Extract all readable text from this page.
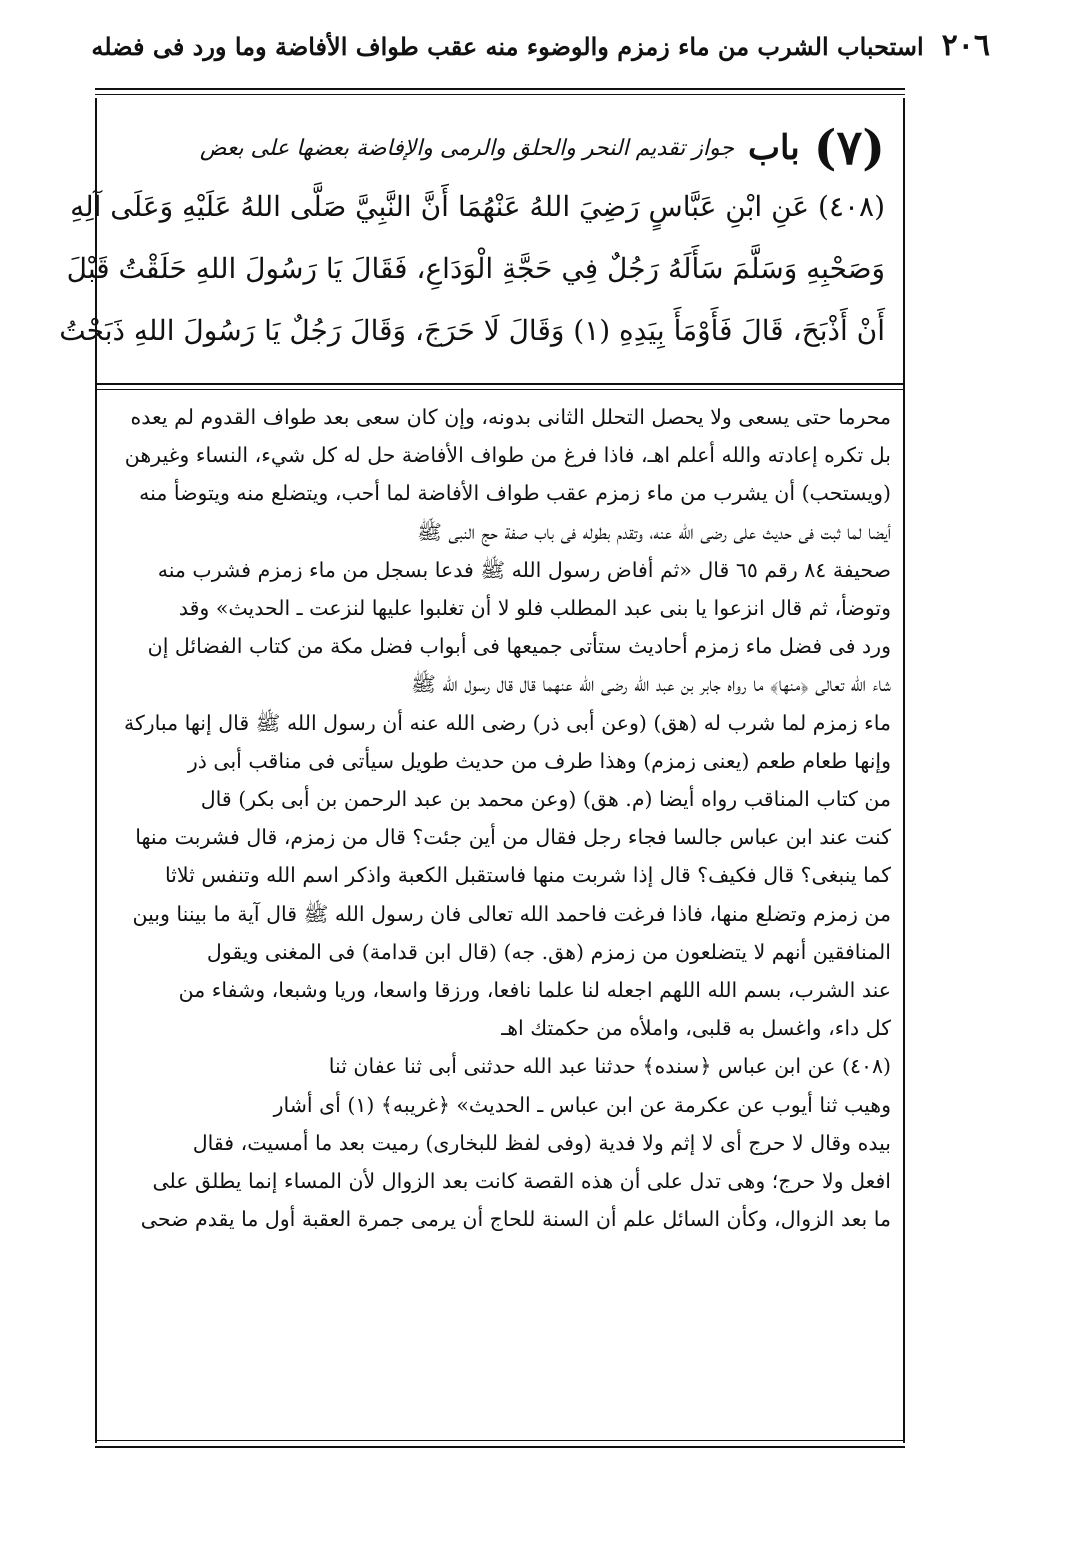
٢٠٦
استحباب الشرب من ماء زمزم والوضوء منه عقب طواف الأفاضة وما ورد فى فضله
(٧)
باب
جواز تقديم النحر والحلق والرمى والإفاضة بعضها على بعض
(٤٠٨) عَنِ ابْنِ عَبَّاسٍ رَضِيَ اللهُ عَنْهُمَا أَنَّ النَّبِيَّ صَلَّى اللهُ عَلَيْهِ وَعَلَى آلِهِ
وَصَحْبِهِ وَسَلَّمَ سَأَلَهُ رَجُلٌ فِي حَجَّةِ الْوَدَاعِ، فَقَالَ يَا رَسُولَ اللهِ حَلَقْتُ قَبْلَ
أَنْ أَذْبَحَ، قَالَ فَأَوْمَأَ بِيَدِهِ (١) وَقَالَ لَا حَرَجَ، وَقَالَ رَجُلٌ يَا رَسُولَ اللهِ ذَبَحْتُ
محرما حتى يسعى ولا يحصل التحلل الثانى بدونه، وإن كان سعى بعد طواف القدوم لم يعده
بل تكره إعادته والله أعلم اهـ، فاذا فرغ من طواف الأفاضة حل له كل شيء، النساء وغيرهن
(ويستحب) أن يشرب من ماء زمزم عقب طواف الأفاضة لما أحب، ويتضلع منه ويتوضأ منه
أيضا لما ثبت فى حديث على رضى الله عنه، وتقدم بطوله فى باب صفة حج النبى ﷺ
صحيفة ٨٤ رقم ٦٥ قال «ثم أفاض رسول الله ﷺ فدعا بسجل من ماء زمزم فشرب منه
وتوضأ، ثم قال انزعوا يا بنى عبد المطلب فلو لا أن تغلبوا عليها لنزعت ـ الحديث» وقد
ورد فى فضل ماء زمزم أحاديث ستأتى جميعها فى أبواب فضل مكة من كتاب الفضائل إن
شاء الله تعالى ﴿منها﴾ ما رواه جابر بن عبد الله رضى الله عنهما قال قال رسول الله ﷺ
ماء زمزم لما شرب له (هق) (وعن أبى ذر) رضى الله عنه أن رسول الله ﷺ قال إنها مباركة
وإنها طعام طعم (يعنى زمزم) وهذا طرف من حديث طويل سيأتى فى مناقب أبى ذر
من كتاب المناقب رواه أيضا (م. هق) (وعن محمد بن عبد الرحمن بن أبى بكر) قال
كنت عند ابن عباس جالسا فجاء رجل فقال من أين جئت؟ قال من زمزم، قال فشربت منها
كما ينبغى؟ قال فكيف؟ قال إذا شربت منها فاستقبل الكعبة واذكر اسم الله وتنفس ثلاثا
من زمزم وتضلع منها، فاذا فرغت فاحمد الله تعالى فان رسول الله ﷺ قال آية ما بيننا وبين
المنافقين أنهم لا يتضلعون من زمزم (هق. جه) (قال ابن قدامة) فى المغنى ويقول
عند الشرب، بسم الله اللهم اجعله لنا علما نافعا، ورزقا واسعا، وريا وشبعا، وشفاء من
كل داء، واغسل به قلبى، واملأه من حكمتك اهـ
(٤٠٨) عن ابن عباس ﴿سنده﴾ حدثنا عبد الله حدثنى أبى ثنا عفان ثنا
وهيب ثنا أيوب عن عكرمة عن ابن عباس ـ الحديث» ﴿غريبه﴾ (١) أى أشار
بيده وقال لا حرج أى لا إثم ولا فدية (وفى لفظ للبخارى) رميت بعد ما أمسيت، فقال
افعل ولا حرج؛ وهى تدل على أن هذه القصة كانت بعد الزوال لأن المساء إنما يطلق على
ما بعد الزوال، وكأن السائل علم أن السنة للحاج أن يرمى جمرة العقبة أول ما يقدم ضحى
